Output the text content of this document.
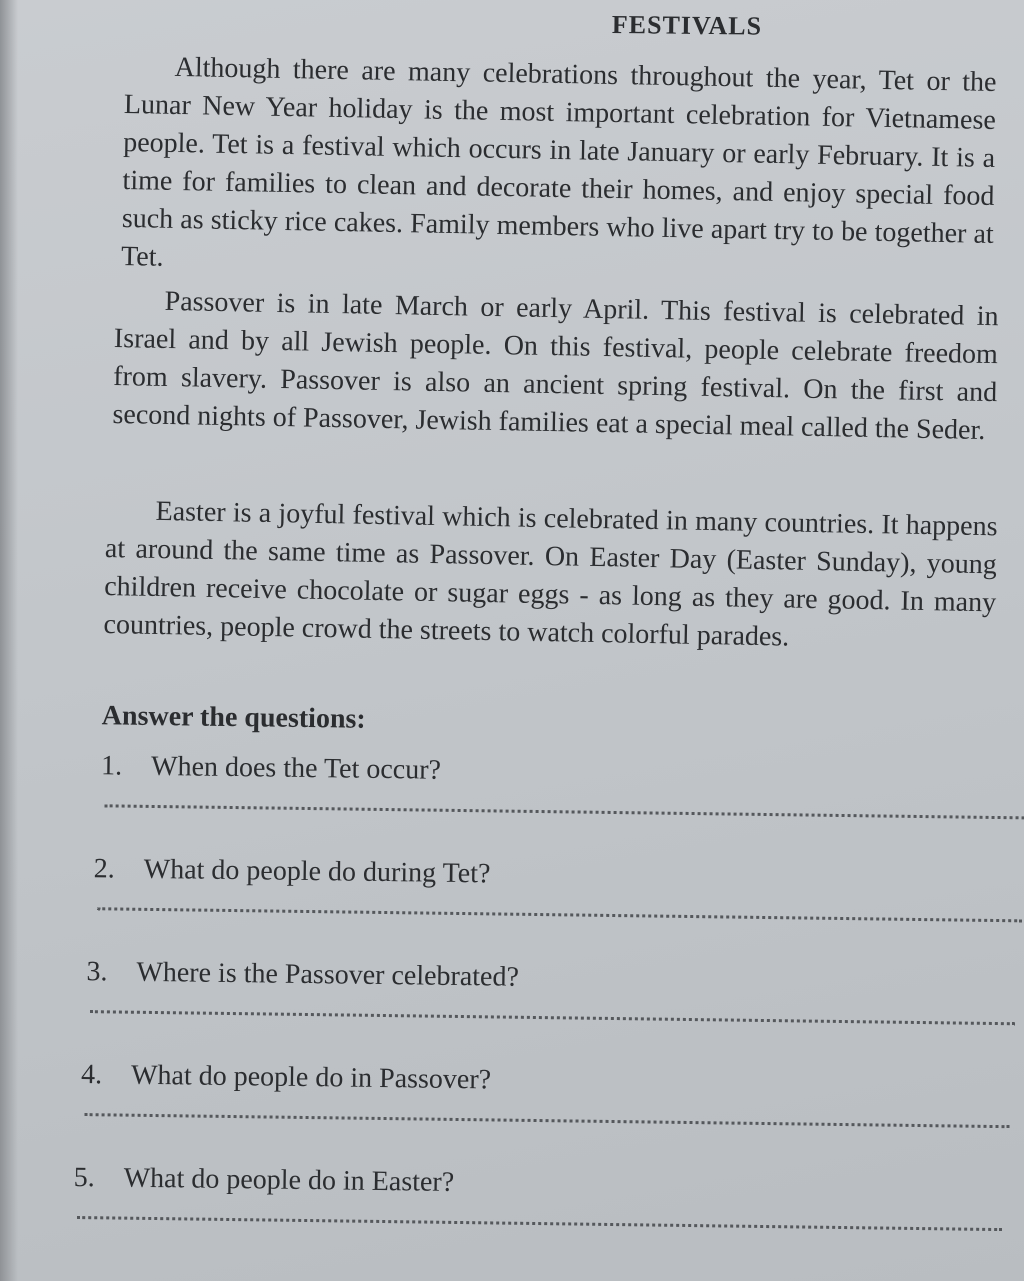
FESTIVALS

Although there are many celebrations throughout the year, Tet or the Lunar New Year holiday is the most important celebration for Vietnamese people. Tet is a festival which occurs in late January or early February. It is a time for families to clean and decorate their homes, and enjoy special food such as sticky rice cakes. Family members who live apart try to be together at Tet.

Passover is in late March or early April. This festival is celebrated in Israel and by all Jewish people. On this festival, people celebrate freedom from slavery. Passover is also an ancient spring festival. On the first and second nights of Passover, Jewish families eat a special meal called the Seder.

Easter is a joyful festival which is celebrated in many countries. It happens at around the same time as Passover. On Easter Day (Easter Sunday), young children receive chocolate or sugar eggs - as long as they are good. In many countries, people crowd the streets to watch colorful parades.

Answer the questions:
1. When does the Tet occur?
2. What do people do during Tet?
3. Where is the Passover celebrated?
4. What do people do in Passover?
5. What do people do in Easter?
